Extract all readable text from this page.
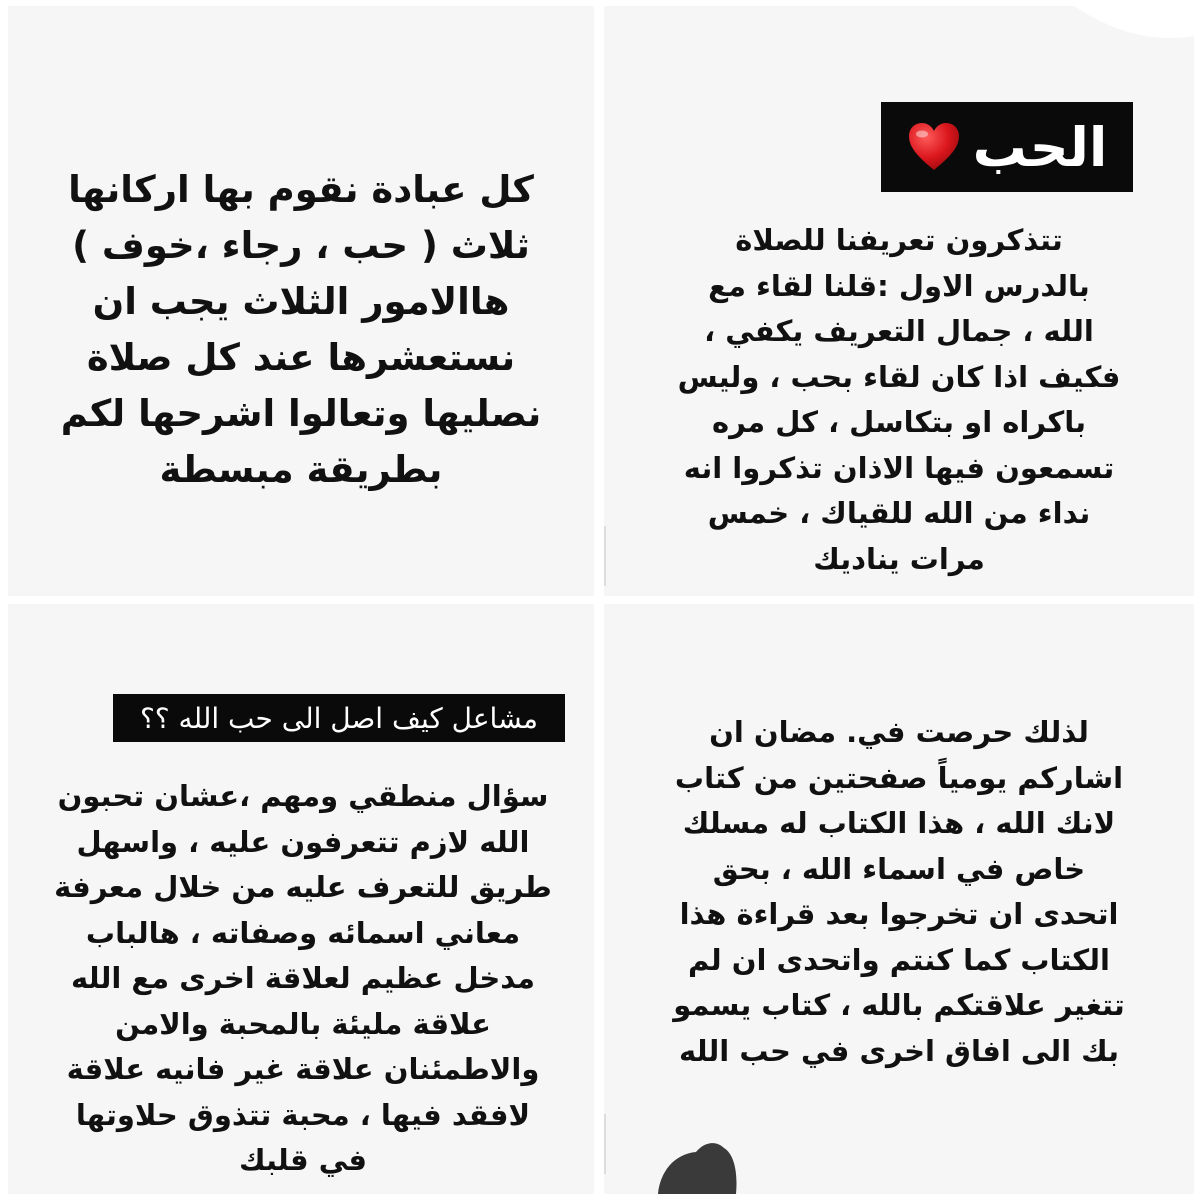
كل عبادة نقوم بها اركانها
ثلاث ( حب ، رجاء ،خوف )
هاالامور الثلاث يجب ان
نستعشرها عند كل صلاة
نصليها وتعالوا اشرحها لكم
بطريقة مبسطة
الحب
تتذكرون تعريفنا للصلاة
بالدرس الاول :قلنا لقاء مع
الله ، جمال التعريف يكفي ،
فكيف اذا كان لقاء بحب ، وليس
باكراه او بتكاسل ، كل مره
تسمعون فيها الاذان تذكروا انه
نداء من الله للقياك ، خمس
مرات يناديك
مشاعل كيف اصل الى حب الله ؟؟
سؤال منطقي ومهم ،عشان تحبون
الله لازم تتعرفون عليه ، واسهل
طريق للتعرف عليه من خلال معرفة
معاني اسمائه وصفاته ، هالباب
مدخل عظيم لعلاقة اخرى مع الله
علاقة مليئة بالمحبة والامن
والاطمئنان علاقة غير فانيه علاقة
لافقد فيها ، محبة تتذوق حلاوتها
في قلبك
لذلك حرصت في. مضان ان
اشاركم يومياً صفحتين من كتاب
لانك الله ، هذا الكتاب له مسلك
خاص في اسماء الله ، بحق
اتحدى ان تخرجوا بعد قراءة هذا
الكتاب كما كنتم واتحدى ان لم
تتغير علاقتكم بالله ، كتاب يسمو
بك الى افاق اخرى في حب الله
